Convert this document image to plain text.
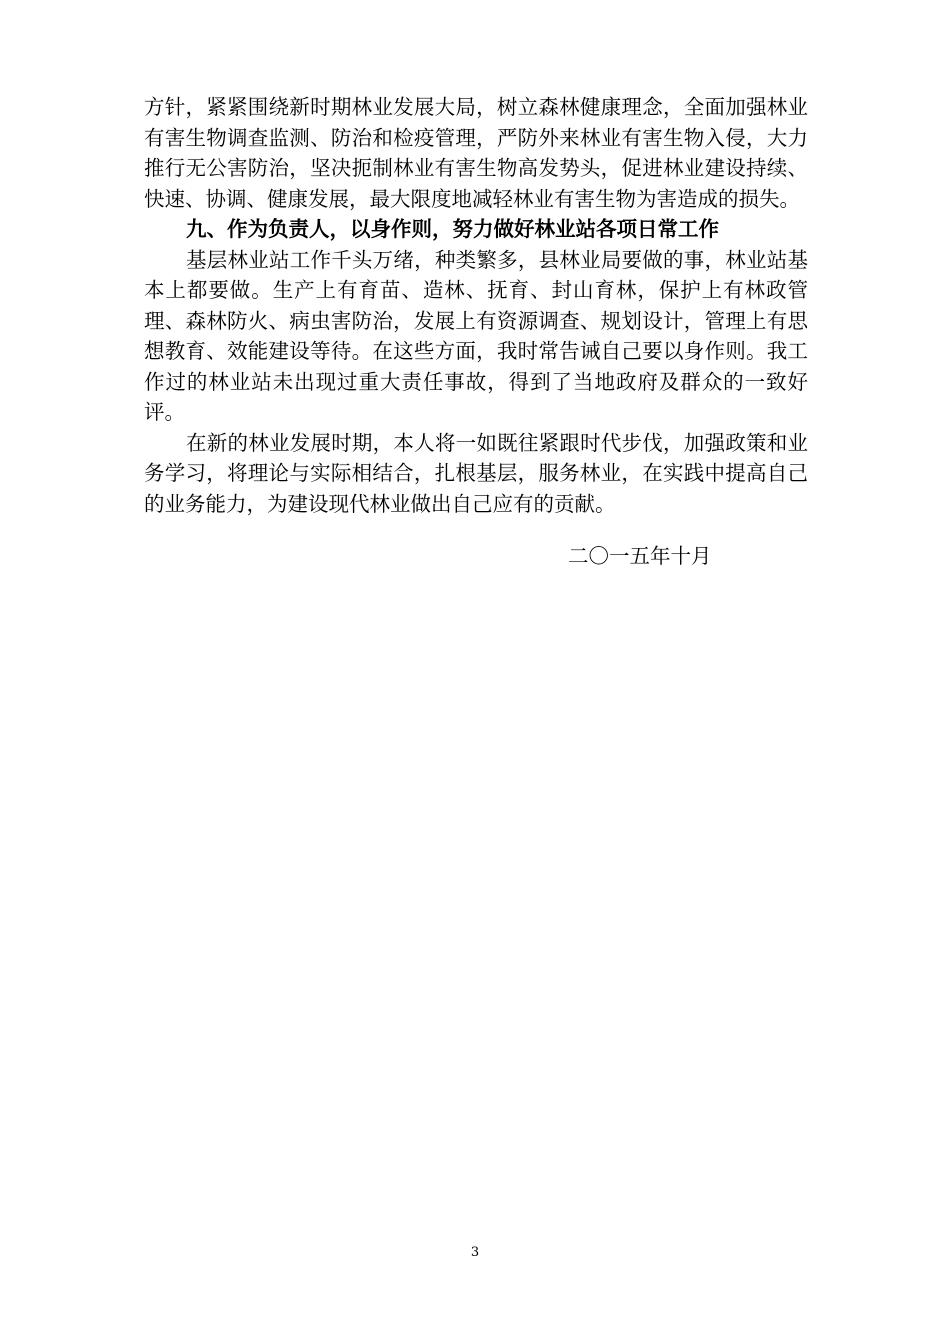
方针，紧紧围绕新时期林业发展大局，树立森林健康理念，全面加强林业有害生物调查监测、防治和检疫管理，严防外来林业有害生物入侵，大力推行无公害防治，坚决扼制林业有害生物高发势头，促进林业建设持续、快速、协调、健康发展，最大限度地减轻林业有害生物为害造成的损失。

九、作为负责人，以身作则，努力做好林业站各项日常工作

基层林业站工作千头万绪，种类繁多，县林业局要做的事，林业站基本上都要做。生产上有育苗、造林、抚育、封山育林，保护上有林政管理、森林防火、病虫害防治，发展上有资源调查、规划设计，管理上有思想教育、效能建设等待。在这些方面，我时常告诫自己要以身作则。我工作过的林业站未出现过重大责任事故，得到了当地政府及群众的一致好评。

在新的林业发展时期，本人将一如既往紧跟时代步伐，加强政策和业务学习，将理论与实际相结合，扎根基层，服务林业，在实践中提高自己的业务能力，为建设现代林业做出自己应有的贡献。

二〇一五年十月
3
